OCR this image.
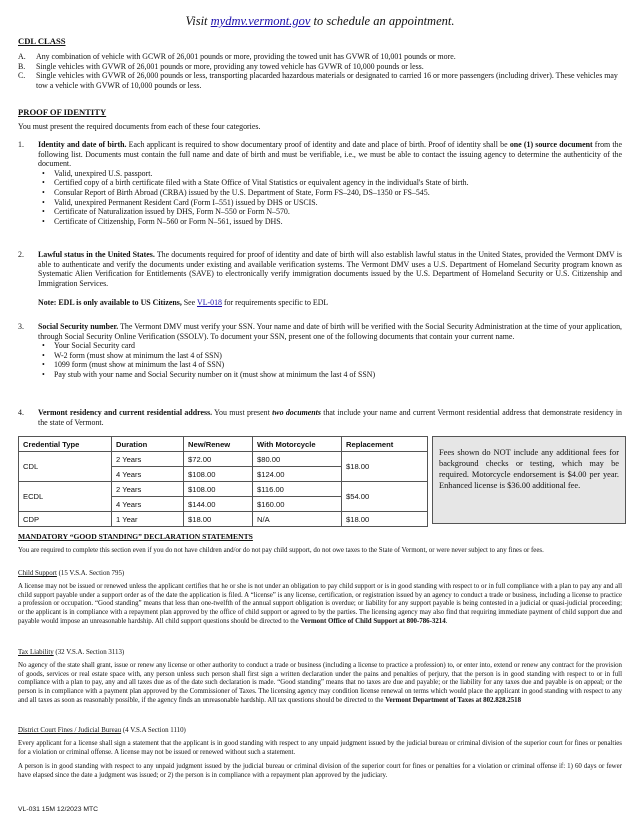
Visit mydmv.vermont.gov to schedule an appointment.
CDL CLASS
A.	Any combination of vehicle with GCWR of 26,001 pounds or more, providing the towed unit has GVWR of 10,001 pounds or more.
B.	Single vehicles with GVWR of 26,001 pounds or more, providing any towed vehicle has GVWR of 10,000 pounds or less.
C.	Single vehicles with GVWR of 26,000 pounds or less, transporting placarded hazardous materials or designated to carried 16 or more passengers (including driver). These vehicles may tow a vehicle with GVWR of 10,000 pounds or less.
PROOF OF IDENTITY
You must present the required documents from each of these four categories.
1. Identity and date of birth. Each applicant is required to show documentary proof of identity and date and place of birth. Proof of identity shall be one (1) source document from the following list. Documents must contain the full name and date of birth and must be verifiable, i.e., we must be able to contact the issuing agency to determine the authenticity of the document.
• Valid, unexpired U.S. passport.
• Certified copy of a birth certificate filed with a State Office of Vital Statistics or equivalent agency in the individual's State of birth.
• Consular Report of Birth Abroad (CRBA) issued by the U.S. Department of State, Form FS–240, DS–1350 or FS–545.
• Valid, unexpired Permanent Resident Card (Form I–551) issued by DHS or USCIS.
• Certificate of Naturalization issued by DHS, Form N–550 or Form N–570.
• Certificate of Citizenship, Form N–560 or Form N–561, issued by DHS.
2. Lawful status in the United States. The documents required for proof of identity and date of birth will also establish lawful status in the United States, provided the Vermont DMV is able to authenticate and verify the documents under existing and available verification systems. The Vermont DMV uses a U.S. Department of Homeland Security program known as Systematic Alien Verification for Entitlements (SAVE) to electronically verify immigration documents issued by the U.S. Department of Homeland Security or U.S. Citizenship and Immigration Services.
Note: EDL is only available to US Citizens, See VL-018 for requirements specific to EDL
3. Social Security number. The Vermont DMV must verify your SSN. Your name and date of birth will be verified with the Social Security Administration at the time of your application, through Social Security Online Verification (SSOLV). To document your SSN, present one of the following documents that contain your current name.
• Your Social Security card
• W-2 form (must show at minimum the last 4 of SSN)
• 1099 form (must show at minimum the last 4 of SSN)
• Pay stub with your name and Social Security number on it (must show at minimum the last 4 of SSN)
4. Vermont residency and current residential address. You must present two documents that include your name and current Vermont residential address that demonstrate residency in the state of Vermont.
Credential Type	Duration	New/Renew	With Motorcycle	Replacement
CDL	2 Years	$72.00	$80.00	$18.00
	4 Years	$108.00	$124.00	
ECDL	2 Years	$108.00	$116.00	$54.00
	4 Years	$144.00	$160.00	
CDP	1 Year	$18.00	N/A	$18.00
Fees shown do NOT include any additional fees for background checks or testing, which may be required. Motorcycle endorsement is $4.00 per year. Enhanced license is $36.00 additional fee.
MANDATORY “GOOD STANDING” DECLARATION STATEMENTS
You are required to complete this section even if you do not have children and/or do not pay child support, do not owe taxes to the State of Vermont, or were never subject to any fines or fees.
Child Support (15 V.S.A. Section 795)
A license may not be issued or renewed unless the applicant certifies that he or she is not under an obligation to pay child support or is in good standing with respect to or in full compliance with a plan to pay any and all child support payable under a support order as of the date the application is filed. A “license” is any license, certification, or registration issued by an agency to conduct a trade or business, including a license to practice a profession or occupation. “Good standing” means that less than one-twelfth of the annual support obligation is overdue; or liability for any support payable is being contested in a judicial or quasi-judicial proceeding; or the applicant is in compliance with a repayment plan approved by the office of child support or agreed to by the parties. The licensing agency may also find that requiring immediate payment of child support due and payable would impose an unreasonable hardship. All child support questions should be directed to the Vermont Office of Child Support at 800-786-3214.
Tax Liability (32 V.S.A. Section 3113)
No agency of the state shall grant, issue or renew any license or other authority to conduct a trade or business (including a license to practice a profession) to, or enter into, extend or renew any contract for the provision of goods, services or real estate space with, any person unless such person shall first sign a written declaration under the pains and penalties of perjury, that the person is in good standing with respect to or in full compliance with a plan to pay, any and all taxes due as of the date such declaration is made. “Good standing” means that no taxes are due and payable; or the liability for any taxes due and payable is on appeal; or the person is in compliance with a payment plan approved by the Commissioner of Taxes. The licensing agency may condition license renewal on terms which would place the applicant in good standing with respect to any and all taxes as soon as reasonably possible, if the agency finds an unreasonable hardship. All tax questions should be directed to the Vermont Department of Taxes at 802.828.2518
District Court Fines / Judicial Bureau (4 V.S.A Section 1110)
Every applicant for a license shall sign a statement that the applicant is in good standing with respect to any unpaid judgment issued by the judicial bureau or criminal division of the superior court for fines or penalties for a violation or criminal offense. A license may not be issued or renewed without such a statement.
A person is in good standing with respect to any unpaid judgment issued by the judicial bureau or criminal division of the superior court for fines or penalties for a violation or criminal offense if: 1) 60 days or fewer have elapsed since the date a judgment was issued; or 2) the person is in compliance with a repayment plan approved by the judiciary.
VL-031 15M 12/2023 MTC
